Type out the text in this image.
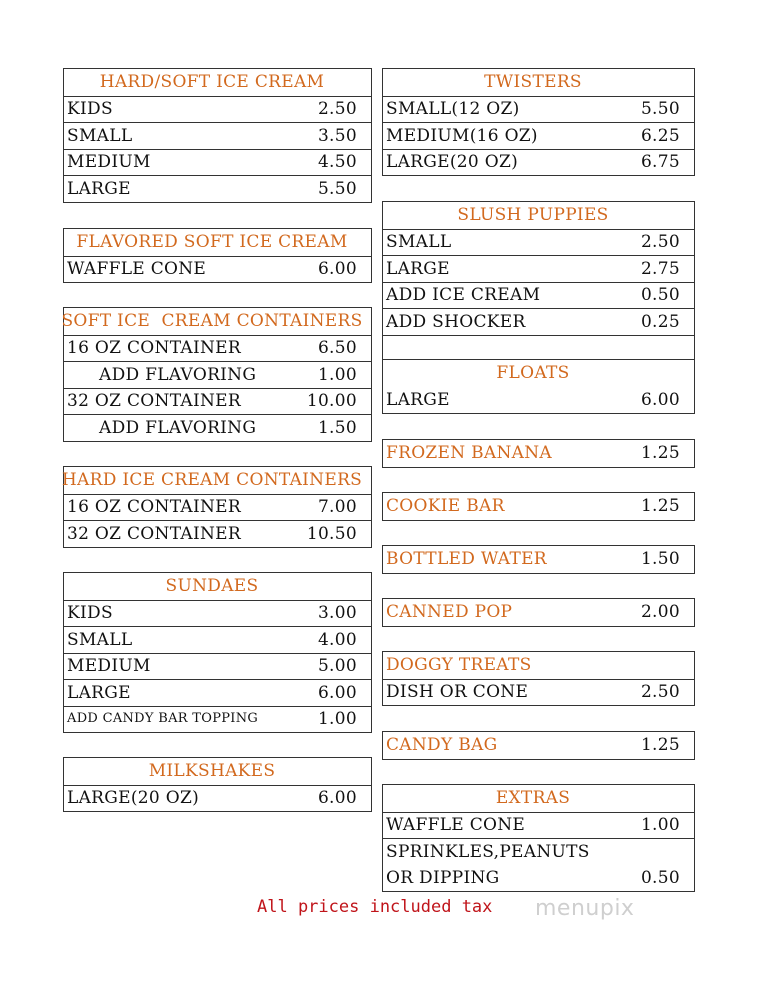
HARD/SOFT ICE CREAM
KIDS	2.50
SMALL	3.50
MEDIUM	4.50
LARGE	5.50
FLAVORED SOFT ICE CREAM
WAFFLE CONE	6.00
SOFT ICE  CREAM CONTAINERS
16 OZ CONTAINER	6.50
ADD FLAVORING	1.00
32 OZ CONTAINER	10.00
ADD FLAVORING	1.50
HARD ICE CREAM CONTAINERS
16 OZ CONTAINER	7.00
32 OZ CONTAINER	10.50
SUNDAES
KIDS	3.00
SMALL	4.00
MEDIUM	5.00
LARGE	6.00
ADD CANDY BAR TOPPING	1.00
MILKSHAKES
LARGE(20 OZ)	6.00
TWISTERS
SMALL(12 OZ)	5.50
MEDIUM(16 OZ)	6.25
LARGE(20 OZ)	6.75
SLUSH PUPPIES
SMALL	2.50
LARGE	2.75
ADD ICE CREAM	0.50
ADD SHOCKER	0.25
FLOATS
LARGE	6.00
FROZEN BANANA	1.25
COOKIE BAR	1.25
BOTTLED WATER	1.50
CANNED POP	2.00
DOGGY TREATS
DISH OR CONE	2.50
CANDY BAG	1.25
EXTRAS
WAFFLE CONE	1.00
SPRINKLES,PEANUTS
OR DIPPING	0.50
All prices included tax menupix
